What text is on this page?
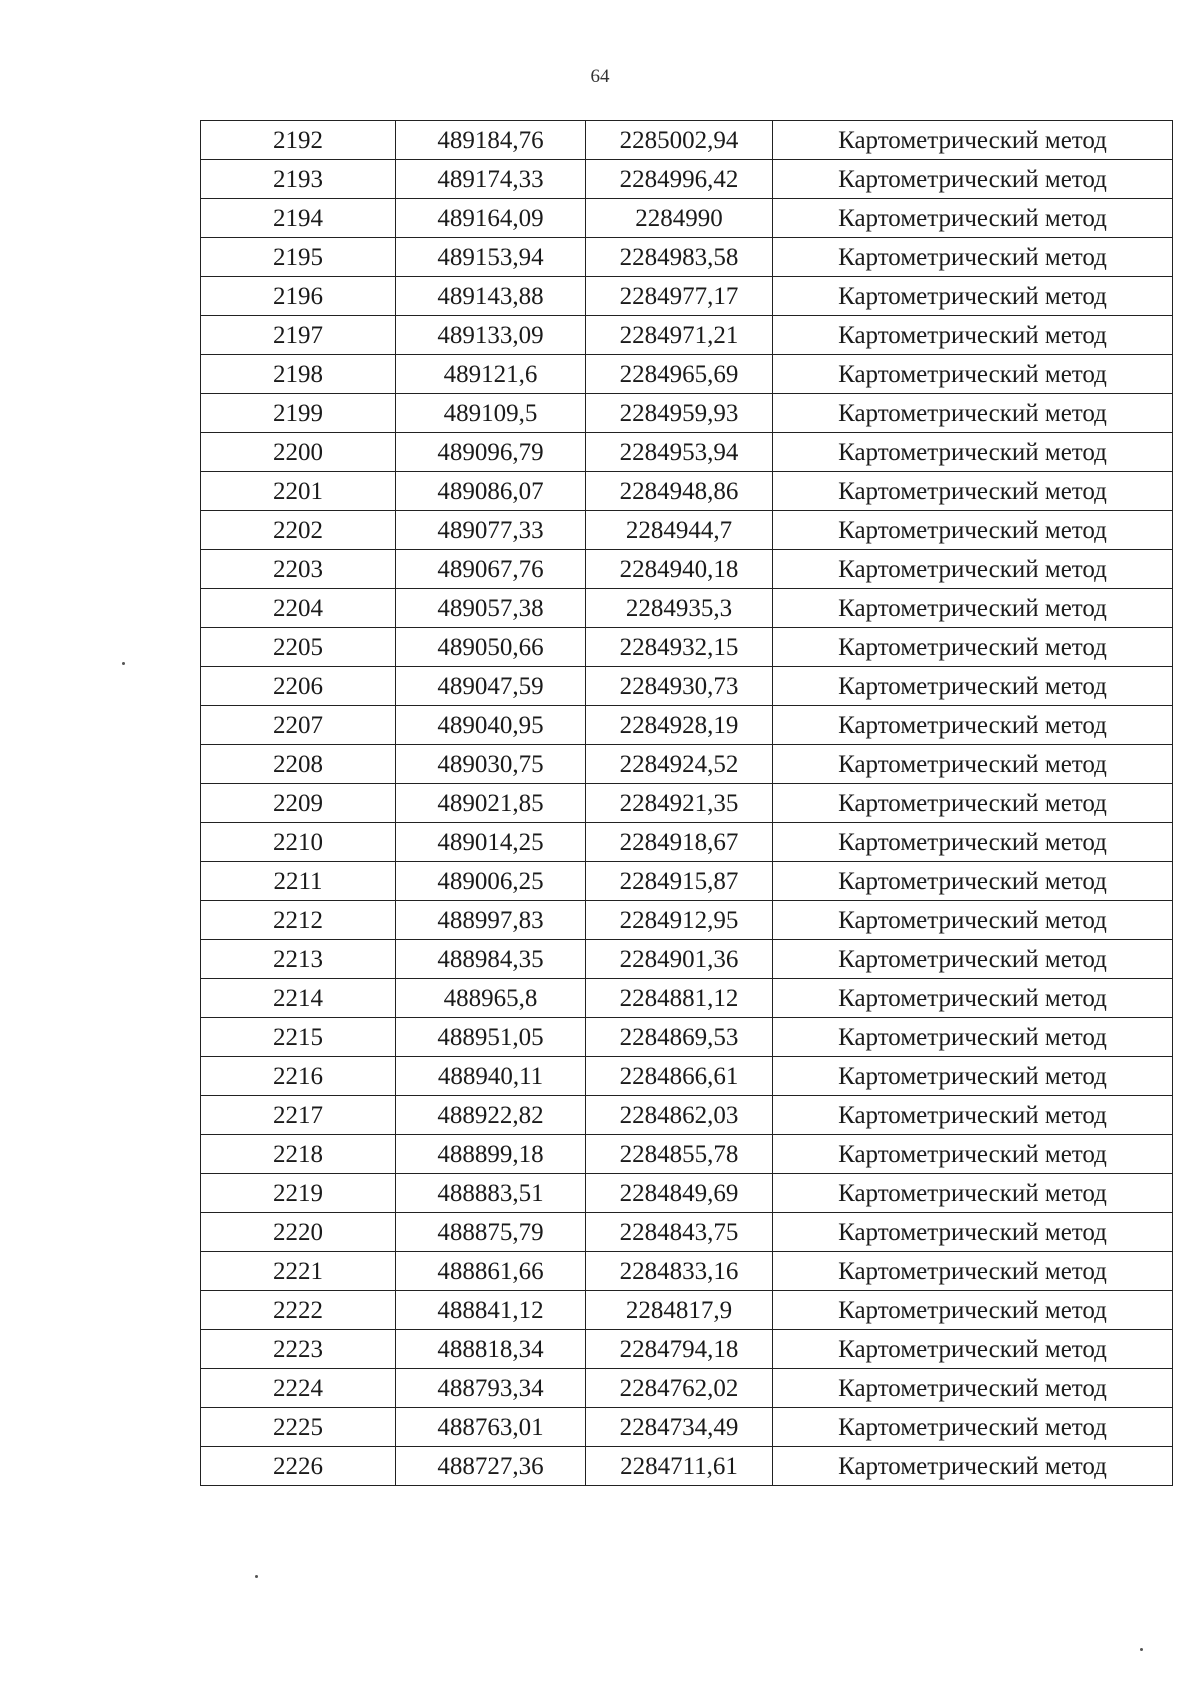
64
2192	489184,76	2285002,94	Картометрический метод
2193	489174,33	2284996,42	Картометрический метод
2194	489164,09	2284990	Картометрический метод
2195	489153,94	2284983,58	Картометрический метод
2196	489143,88	2284977,17	Картометрический метод
2197	489133,09	2284971,21	Картометрический метод
2198	489121,6	2284965,69	Картометрический метод
2199	489109,5	2284959,93	Картометрический метод
2200	489096,79	2284953,94	Картометрический метод
2201	489086,07	2284948,86	Картометрический метод
2202	489077,33	2284944,7	Картометрический метод
2203	489067,76	2284940,18	Картометрический метод
2204	489057,38	2284935,3	Картометрический метод
2205	489050,66	2284932,15	Картометрический метод
2206	489047,59	2284930,73	Картометрический метод
2207	489040,95	2284928,19	Картометрический метод
2208	489030,75	2284924,52	Картометрический метод
2209	489021,85	2284921,35	Картометрический метод
2210	489014,25	2284918,67	Картометрический метод
2211	489006,25	2284915,87	Картометрический метод
2212	488997,83	2284912,95	Картометрический метод
2213	488984,35	2284901,36	Картометрический метод
2214	488965,8	2284881,12	Картометрический метод
2215	488951,05	2284869,53	Картометрический метод
2216	488940,11	2284866,61	Картометрический метод
2217	488922,82	2284862,03	Картометрический метод
2218	488899,18	2284855,78	Картометрический метод
2219	488883,51	2284849,69	Картометрический метод
2220	488875,79	2284843,75	Картометрический метод
2221	488861,66	2284833,16	Картометрический метод
2222	488841,12	2284817,9	Картометрический метод
2223	488818,34	2284794,18	Картометрический метод
2224	488793,34	2284762,02	Картометрический метод
2225	488763,01	2284734,49	Картометрический метод
2226	488727,36	2284711,61	Картометрический метод
